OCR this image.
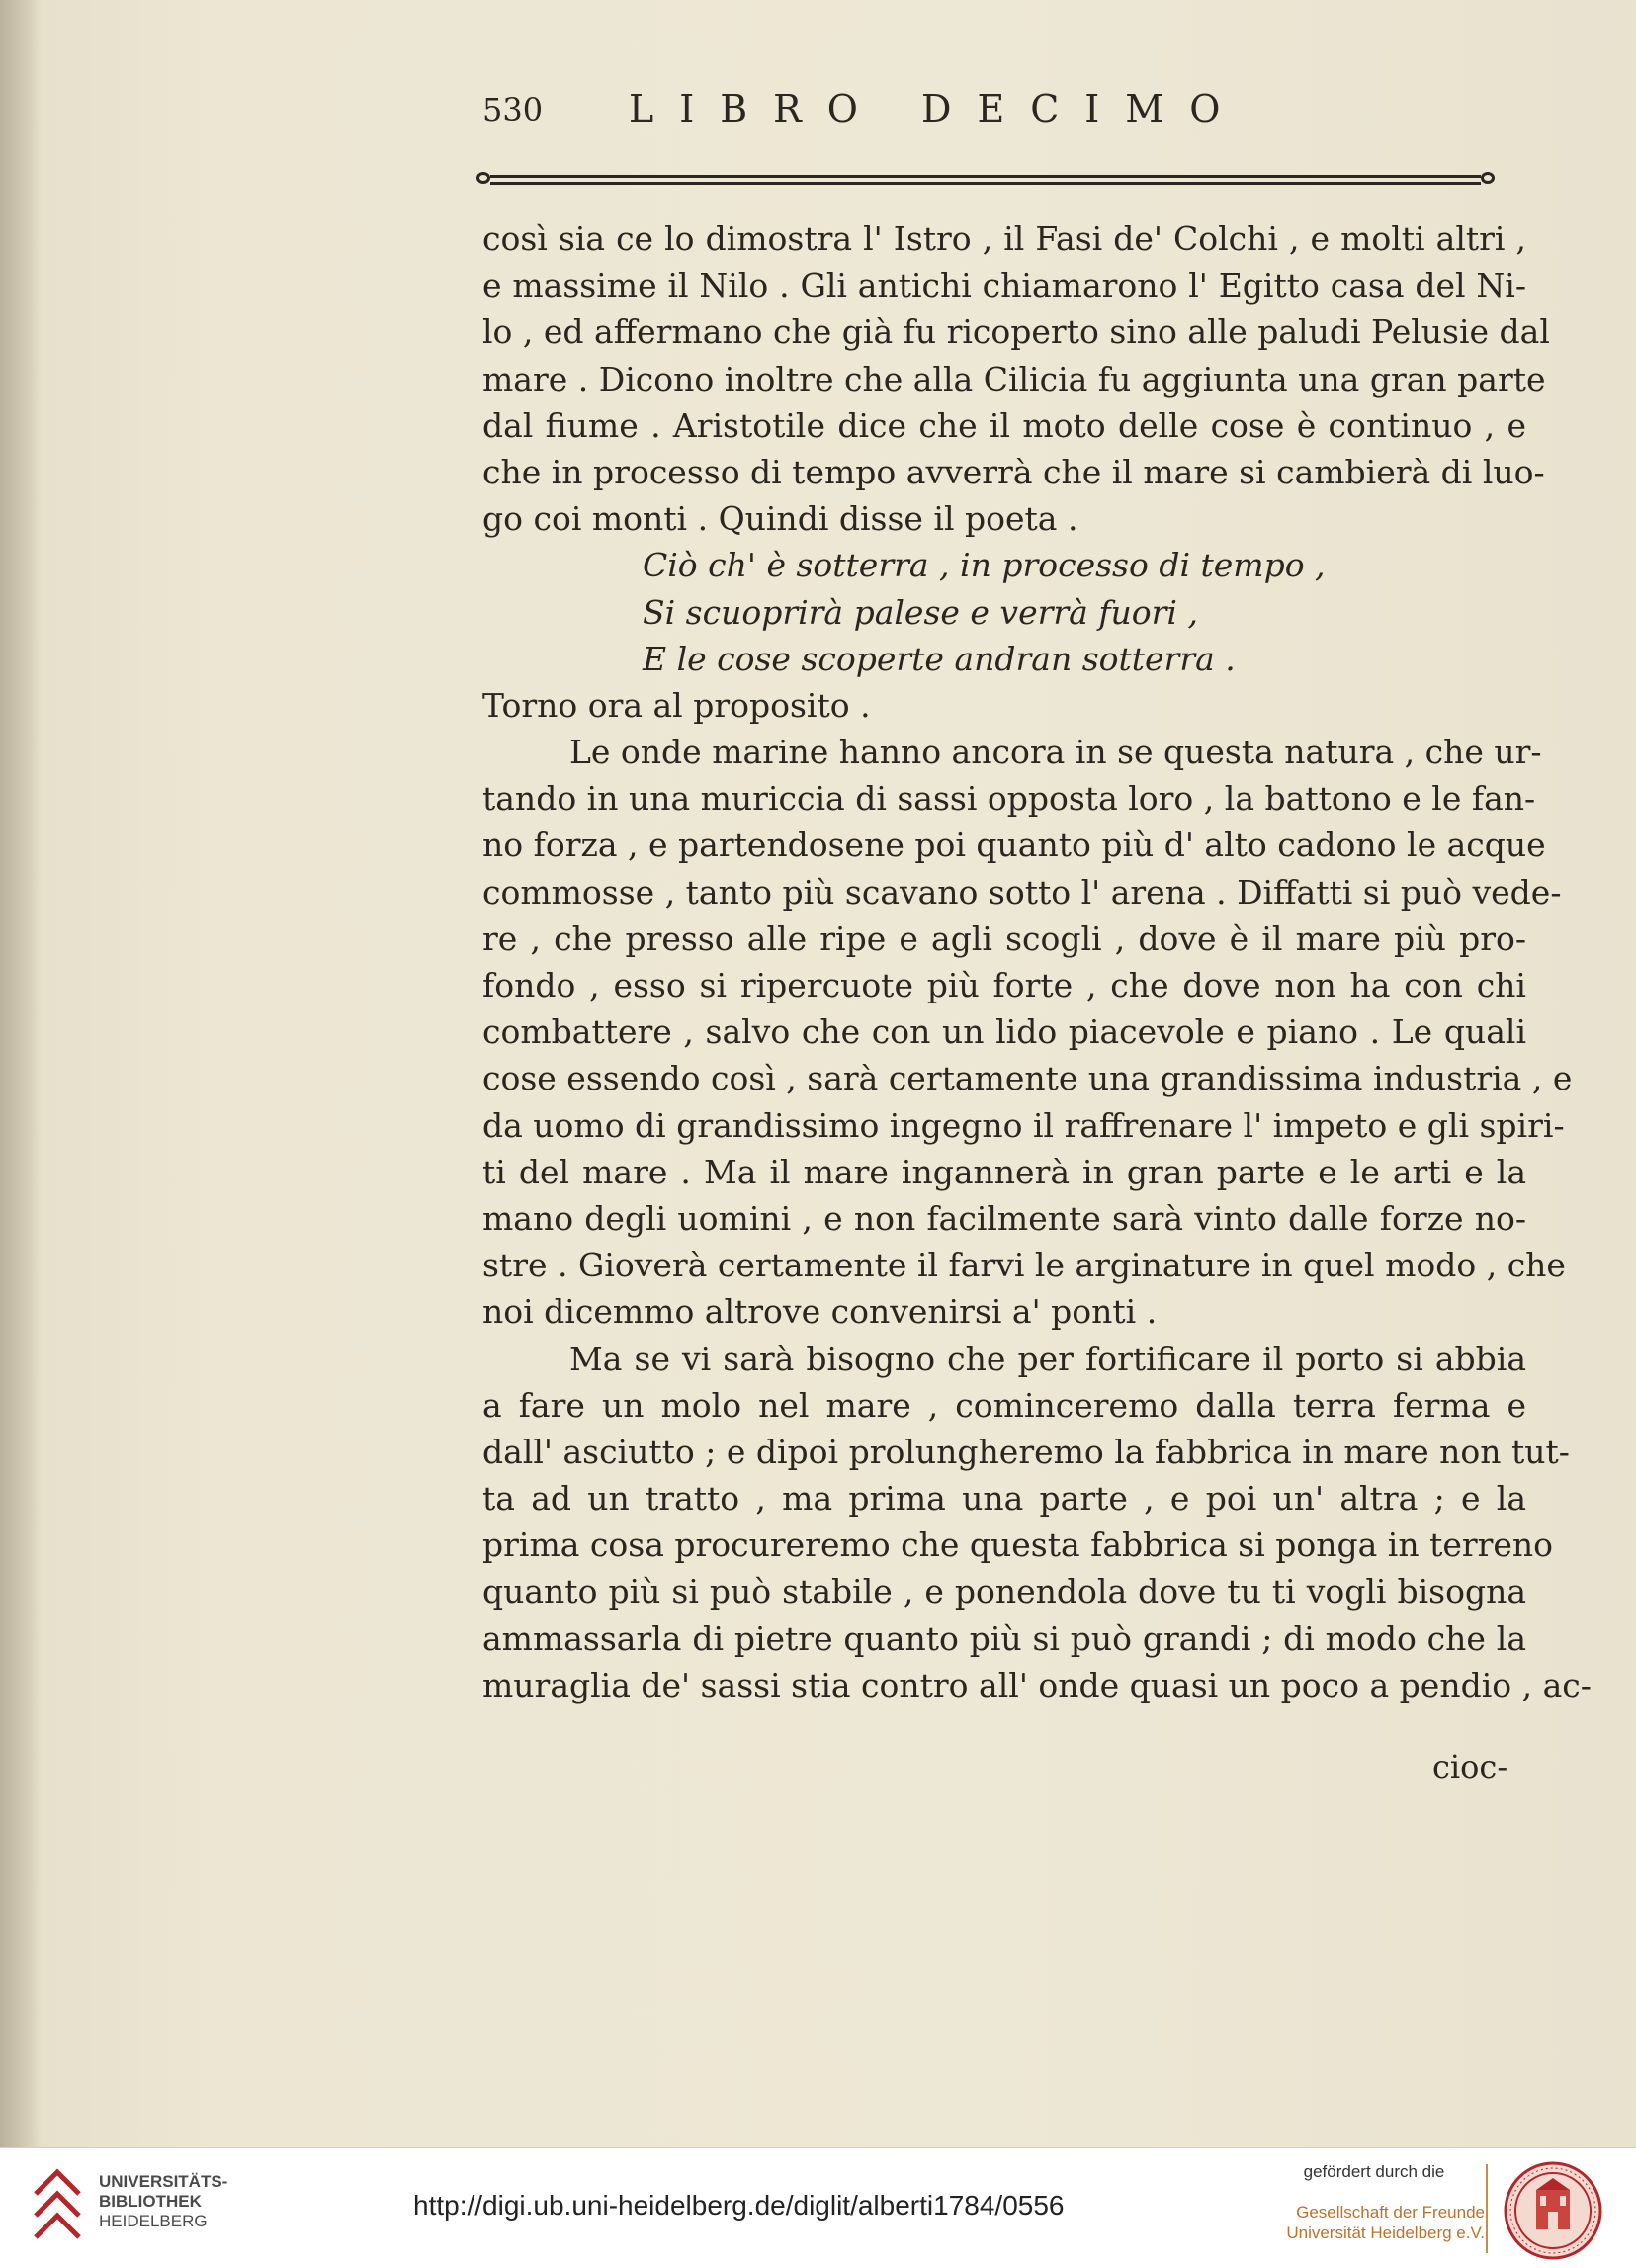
530 LIBRO DECIMO
così sia ce lo dimostra l' Istro , il Fasi de' Colchi , e molti altri ,
e massime il Nilo . Gli antichi chiamarono l' Egitto casa del Ni-
lo , ed affermano che già fu ricoperto sino alle paludi Pelusie dal
mare . Dicono inoltre che alla Cilicia fu aggiunta una gran parte
dal fiume . Aristotile dice che il moto delle cose è continuo , e
che in processo di tempo avverrà che il mare si cambierà di luo-
go coi monti . Quindi disse il poeta .
Ciò ch' è sotterra , in processo di tempo ,
Si scuoprirà palese e verrà fuori ,
E le cose scoperte andran sotterra .
Torno ora al proposito .
Le onde marine hanno ancora in se questa natura , che ur-
tando in una muriccia di sassi opposta loro , la battono e le fan-
no forza , e partendosene poi quanto più d' alto cadono le acque
commosse , tanto più scavano sotto l' arena . Diffatti si può vede-
re , che presso alle ripe e agli scogli , dove è il mare più pro-
fondo , esso si ripercuote più forte , che dove non ha con chi
combattere , salvo che con un lido piacevole e piano . Le quali
cose essendo così , sarà certamente una grandissima industria , e
da uomo di grandissimo ingegno il raffrenare l' impeto e gli spiri-
ti del mare . Ma il mare ingannerà in gran parte e le arti e la
mano degli uomini , e non facilmente sarà vinto dalle forze no-
stre . Gioverà certamente il farvi le arginature in quel modo , che
noi dicemmo altrove convenirsi a' ponti .
Ma se vi sarà bisogno che per fortificare il porto si abbia
a fare un molo nel mare , cominceremo dalla terra ferma e
dall' asciutto ; e dipoi prolungheremo la fabbrica in mare non tut-
ta ad un tratto , ma prima una parte , e poi un' altra ; e la
prima cosa procureremo che questa fabbrica si ponga in terreno
quanto più si può stabile , e ponendola dove tu ti vogli bisogna
ammassarla di pietre quanto più si può grandi ; di modo che la
muraglia de' sassi stia contro all' onde quasi un poco a pendio , ac-
cioc-
UNIVERSITÄTS-
BIBLIOTHEK
HEIDELBERG
http://digi.ub.uni-heidelberg.de/diglit/alberti1784/0556
gefördert durch die
Gesellschaft der Freunde
Universität Heidelberg e.V.
